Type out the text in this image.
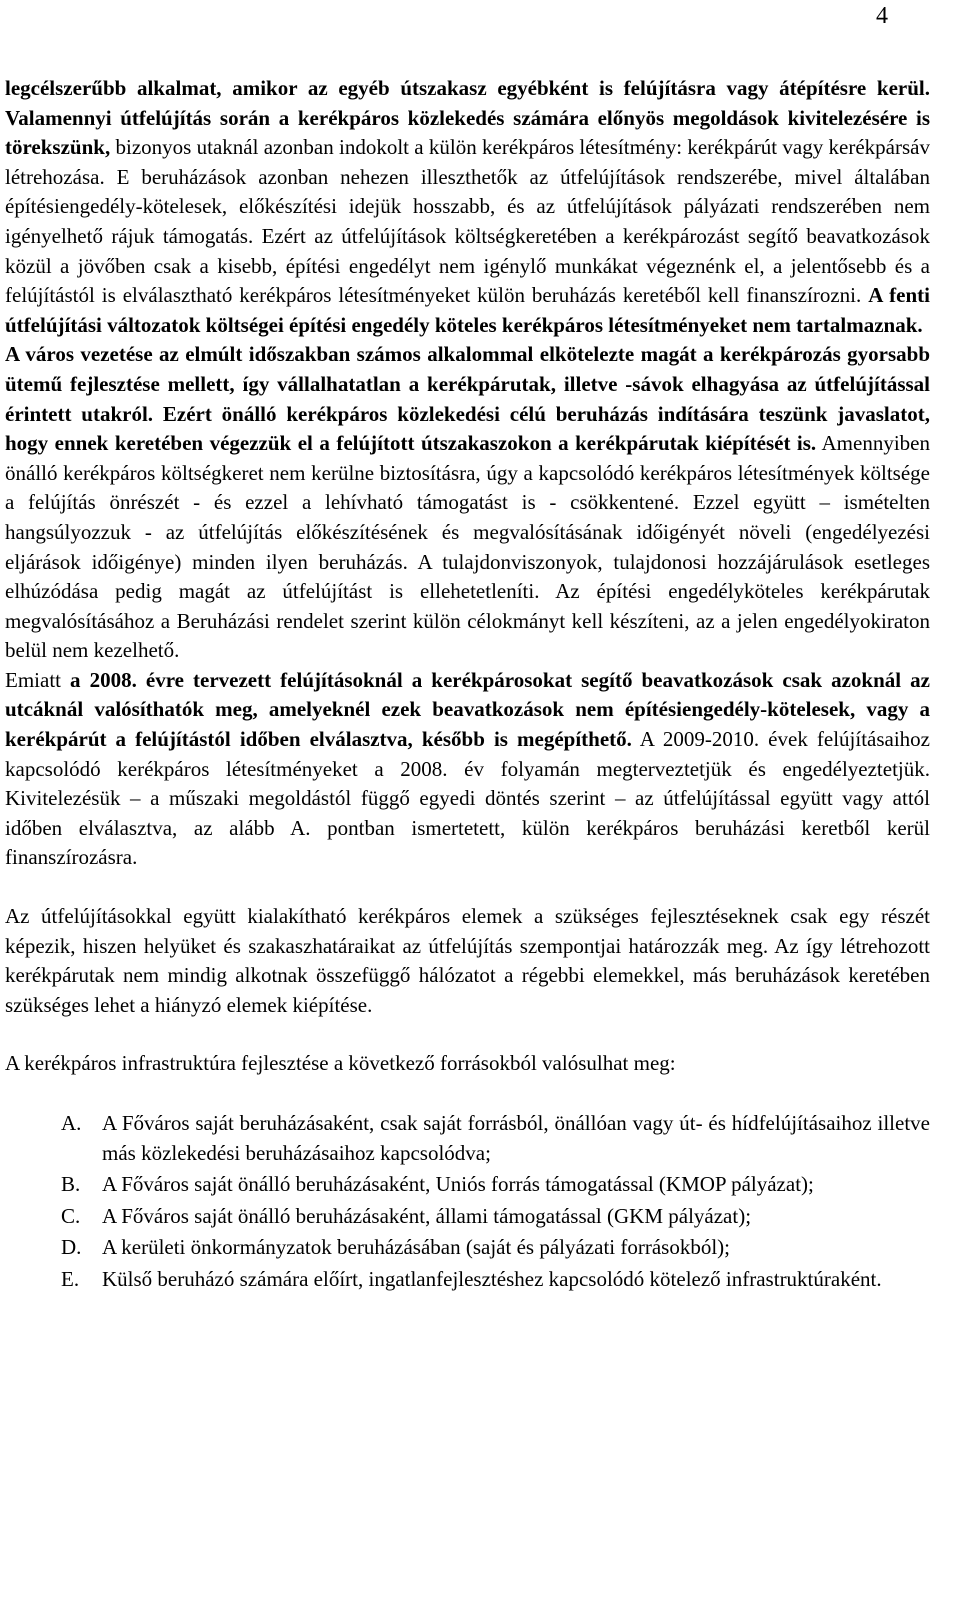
4

legcélszerűbb alkalmat, amikor az egyéb útszakasz egyébként is felújításra vagy átépítésre kerül. Valamennyi útfelújítás során a kerékpáros közlekedés számára előnyös megoldások kivitelezésére is törekszünk, bizonyos utaknál azonban indokolt a külön kerékpáros létesítmény: kerékpárút vagy kerékpársáv létrehozása. E beruházások azonban nehezen illeszthetők az útfelújítások rendszerébe, mivel általában építésiengedély-kötelesek, előkészítési idejük hosszabb, és az útfelújítások pályázati rendszerében nem igényelhető rájuk támogatás. Ezért az útfelújítások költségkeretében a kerékpározást segítő beavatkozások közül a jövőben csak a kisebb, építési engedélyt nem igénylő munkákat végeznénk el, a jelentősebb és a felújítástól is elválasztható kerékpáros létesítményeket külön beruházás keretéből kell finanszírozni. A fenti útfelújítási változatok költségei építési engedély köteles kerékpáros létesítményeket nem tartalmaznak.

A város vezetése az elmúlt időszakban számos alkalommal elkötelezte magát a kerékpározás gyorsabb ütemű fejlesztése mellett, így vállalhatatlan a kerékpárutak, illetve -sávok elhagyása az útfelújítással érintett utakról. Ezért önálló kerékpáros közlekedési célú beruházás indítására teszünk javaslatot, hogy ennek keretében végezzük el a felújított útszakaszokon a kerékpárutak kiépítését is. Amennyiben önálló kerékpáros költségkeret nem kerülne biztosításra, úgy a kapcsolódó kerékpáros létesítmények költsége a felújítás önrészét - és ezzel a lehívható támogatást is - csökkentené. Ezzel együtt – ismételten hangsúlyozzuk - az útfelújítás előkészítésének és megvalósításának időigényét növeli (engedélyezési eljárások időigénye) minden ilyen beruházás. A tulajdonviszonyok, tulajdonosi hozzájárulások esetleges elhúzódása pedig magát az útfelújítást is ellehetetleníti. Az építési engedélyköteles kerékpárutak megvalósításához a Beruházási rendelet szerint külön célokmányt kell készíteni, az a jelen engedélyokiraton belül nem kezelhető.

Emiatt a 2008. évre tervezett felújításoknál a kerékpárosokat segítő beavatkozások csak azoknál az utcáknál valósíthatók meg, amelyeknél ezek beavatkozások nem építésiengedély-kötelesek, vagy a kerékpárút a felújítástól időben elválasztva, később is megépíthető. A 2009-2010. évek felújításaihoz kapcsolódó kerékpáros létesítményeket a 2008. év folyamán megterveztetjük és engedélyeztetjük. Kivitelezésük – a műszaki megoldástól függő egyedi döntés szerint – az útfelújítással együtt vagy attól időben elválasztva, az alább A. pontban ismertetett, külön kerékpáros beruházási keretből kerül finanszírozásra.

Az útfelújításokkal együtt kialakítható kerékpáros elemek a szükséges fejlesztéseknek csak egy részét képezik, hiszen helyüket és szakaszhatáraikat az útfelújítás szempontjai határozzák meg. Az így létrehozott kerékpárutak nem mindig alkotnak összefüggő hálózatot a régebbi elemekkel, más beruházások keretében szükséges lehet a hiányzó elemek kiépítése.

A kerékpáros infrastruktúra fejlesztése a következő forrásokból valósulhat meg:

A. A Főváros saját beruházásaként, csak saját forrásból, önállóan vagy út- és hídfelújításaihoz illetve más közlekedési beruházásaihoz kapcsolódva;
B. A Főváros saját önálló beruházásaként, Uniós forrás támogatással (KMOP pályázat);
C. A Főváros saját önálló beruházásaként, állami támogatással (GKM pályázat);
D. A kerületi önkormányzatok beruházásában (saját és pályázati forrásokból);
E. Külső beruházó számára előírt, ingatlanfejlesztéshez kapcsolódó kötelező infrastruktúraként.
